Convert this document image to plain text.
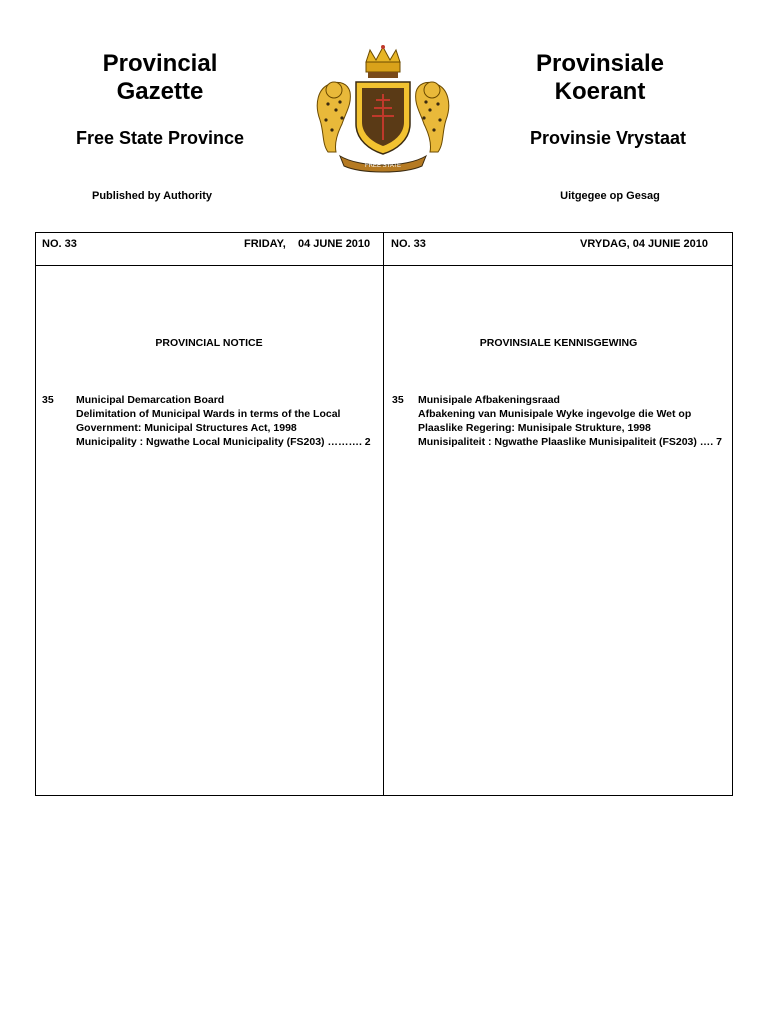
Provincial
Gazette
Free State Province
Published by Authority
Provinsiale
Koerant
Provinsie Vrystaat
Uitgegee op Gesag
FREE STATE
NO. 33	FRIDAY, 04 JUNE 2010 NO. 33	VRYDAG, 04 JUNIE 2010
PROVINCIAL NOTICE
35 Municipal Demarcation Board
Delimitation of Municipal Wards in terms of the Local
Government: Municipal Structures Act, 1998
Municipality : Ngwathe Local Municipality (FS203) ………. 2
PROVINSIALE KENNISGEWING
35 Munisipale Afbakeningsraad
Afbakening van Munisipale Wyke ingevolge die Wet op
Plaaslike Regering: Munisipale Strukture, 1998
Munisipaliteit : Ngwathe Plaaslike Munisipaliteit (FS203) …. 7
